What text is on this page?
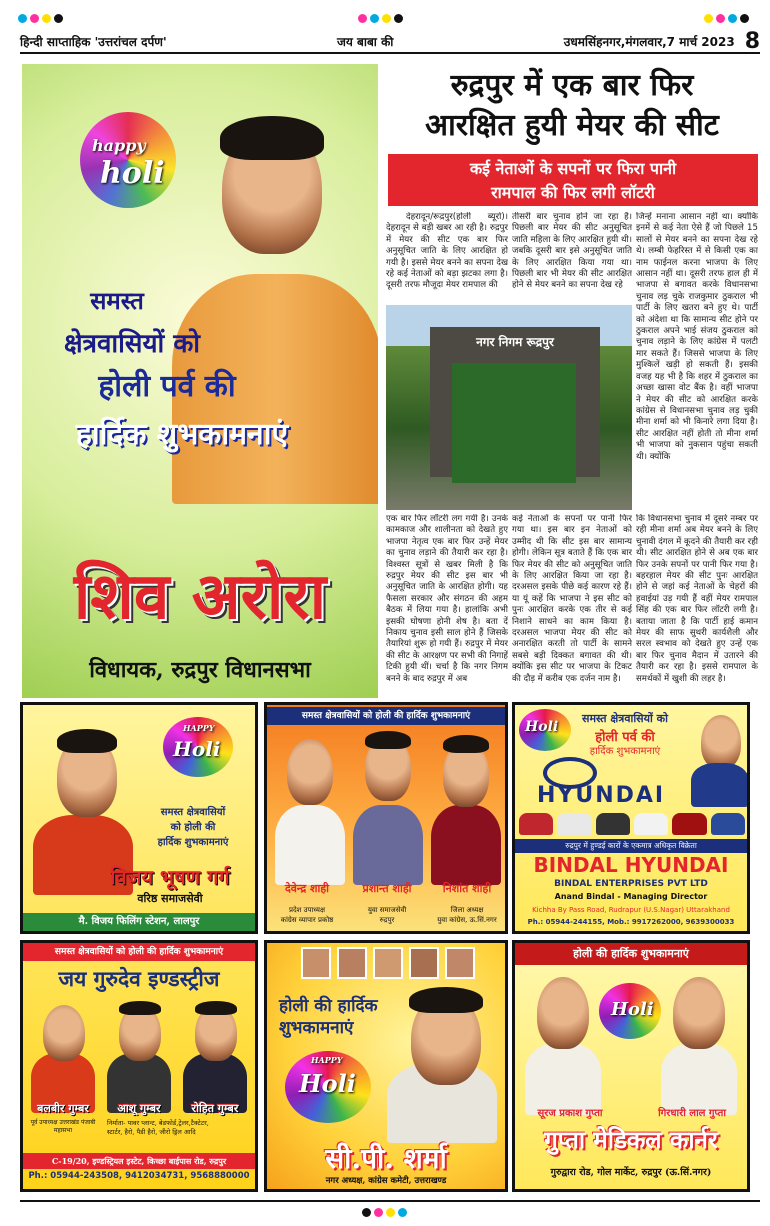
हिन्दी साप्ताहिक 'उत्तरांचल दर्पण'	जय बाबा की	उधमसिंहनगर,मंगलवार,7 मार्च 2023 8
happy
holi
समस्त
क्षेत्रवासियों को
होली पर्व की
हार्दिक शुभकामनाएं
शिव अरोरा
विधायक, रुद्रपुर विधानसभा
रुद्रपुर में एक बार फिर
आरक्षित हुयी मेयर की सीट
कई नेताओं के सपनों पर फिरा पानी
रामपाल की फिर लगी लॉटरी
देहरादून/रूद्रपुर(होली ब्यूरो)। देहरादून से बड़ी खबर आ रही है। रुद्रपुर में मेयर की सीट एक बार फिर अनुसूचित जाति के लिए आरक्षित हो गयी है। इससे मेयर बनने का सपना देख रहे कई नेताओं को बड़ा झटका लगा है। दूसरी तरफ मौजूदा मेयर रामपाल की
तीसरी बार चुनाव होने जा रहा है। पिछली बार मेयर की सीट अनुसूचित जाति महिला के लिए आरक्षित हुयी थी। जबकि दूसरी बार इसे अनुसूचित जाति के लिए आरक्षित किया गया था। पिछली बार भी मेयर की सीट आरक्षित होने से मेयर बनने का सपना देख रहे
जिन्हें मनाना आसान नहीं था। क्योंकि इनमें से कई नेता ऐसे हैं जो पिछले 15 सालों से मेयर बनने का सपना देख रहे थे। लम्बी फेहरिस्त में से किसी एक का नाम फाईनल करना भाजपा के लिए आसान नहीं था। दूसरी तरफ हाल ही में भाजपा से बगावत करके विधानसभा चुनाव लड़ चुके राजकुमार ठुकराल भी पार्टी के लिए खतरा बने हुए थे। पार्टी को अंदेशा था कि सामान्य सीट होने पर ठुकराल अपने भाई संजय ठुकराल को चुनाव लड़ाने के लिए कांग्रेस में पलटी मार सकते हैं। जिससे भाजपा के लिए मुश्किलें खड़ी हो सकती हैं। इसकी वजह यह भी है कि शहर में ठुकराल का अच्छा खासा वोट बैंक है। वहीं भाजपा ने मेयर की सीट को आरक्षित करके कांग्रेस से विधानसभा चुनाव लड़ चुकी मीना शर्मा को भी किनारे लगा दिया है। सीट आरक्षित नहीं होती तो मीना शर्मा भी भाजपा को नुकसान पहुंचा सकती थी। क्योंकि
नगर निगम रूद्रपुर
एक बार फिर लॉटरी लग गयी है। उनके कामकाज और शालीनता को देखते हुए भाजपा नेतृत्व एक बार फिर उन्हें मेयर का चुनाव लड़ाने की तैयारी कर रहा है। विश्वस्त सूत्रों से खबर मिली है कि रुद्रपुर मेयर की सीट इस बार भी अनुसूचित जाति के आरक्षित होगी। यह फैसला सरकार और संगठन की अहम बैठक में लिया गया है। हालांकि अभी इसकी घोषणा होनी शेष है। बता दें निकाय चुनाव इसी साल होने हैं जिसके तैयारियां शुरू हो गयी हैं। रुद्रपुर में मेयर की सीट के आरक्षण पर सभी की निगाहें टिकी हुयी थीं। चर्चा है कि नगर निगम बनने के बाद रुद्रपुर में अब
कई नेताओं के सपनों पर पानी फिर गया था। इस बार इन नेताओं को उम्मीद थी कि सीट इस बार सामान्य होगी। लेकिन सूत्र बताते हैं कि एक बार फिर मेयर की सीट को अनुसूचित जाति के लिए आरक्षित किया जा रहा है। दरअसल इसके पीछे कई कारण रहे हैं। या यूं कहें कि भाजपा ने इस सीट को पुनः आरक्षित करके एक तीर से कई निशाने साधने का काम किया है। दरअसल भाजपा मेयर की सीट को अनारक्षित करती तो पार्टी के सामने सबसे बड़ी दिक्कत बगावत की थी। क्योंकि इस सीट पर भाजपा के टिकट की दौड़ में करीब एक दर्जन नाम है।
कि विधानसभा चुनाव में दूसरे नम्बर पर रही मीना शर्मा अब मेयर बनने के लिए चुनावी दंगल में कूदने की तैयारी कर रही थी। सीट आरक्षित होने से अब एक बार फिर उनके सपनों पर पानी फिर गया है। बहरहाल मेयर की सीट पुनः आरक्षित होने से जहां कई नेताओं के चेहरों की हवाईयां उड़ गयी हैं वहीं मेयर रामपाल सिंह की एक बार फिर लॉटरी लगी है। बताया जाता है कि पार्टी हाई कमान मेयर की साफ सुथरी कार्यशैली और सरल स्वभाव को देखते हुए उन्हें एक बार फिर चुनाव मैदान में उतारने की तैयारी कर रहा है। इससे रामपाल के समर्थकों में खुशी की लहर है।
HAPPY
Holi
समस्त क्षेत्रवासियों
को होली की
हार्दिक शुभकामनाएं
विजय भूषण गर्ग
वरिष्ठ समाजसेवी
मै. विजय फिलिंग स्टेशन, लालपुर
समस्त क्षेत्रवासियों को होली की हार्दिक शुभकामनाएं
देवेन्द्र शाही	प्रशान्त शाही	निशांत शाही
प्रदेश उपाध्यक्ष
कांग्रेस व्यापार प्रकोष्ठ
युवा समाजसेवी
रुद्रपुर
जिला अध्यक्ष
युवा कांग्रेस, ऊ.सिं.नगर
Holi
समस्त क्षेत्रवासियों को
होली पर्व की
हार्दिक शुभकामनाएं
HYUNDAI
रुद्रपुर में हुण्डई कारों के एकमात्र अधिकृत विक्रेता
BINDAL HYUNDAI
BINDAL ENTERPRISES PVT LTD
Anand Bindal - Managing Director
Kichha By Pass Road, Rudrapur (U.S.Nagar) Uttarakhand
Ph.: 05944-244155, Mob.: 9917262000, 9639300033
समस्त क्षेत्रवासियों को होली की हार्दिक शुभकामनाएं
जय गुरुदेव इण्डस्ट्रीज
बलबीर गुम्बर	आशू गुम्बर	रोहित गुम्बर
पूर्व उपाध्यक्ष उत्तराखंड पंजाबी महासभा
निर्माता- पावर प्लान्ट, बेडफोर्ड,ट्रेलर,टैक्टेटर,
स्टार्टर, हैरो, पैडी हैरो, जीरो ड्रिल आदि
C-19/20, इण्डस्ट्रियल इस्टेट, किच्छा बाईपास रोड, रुद्रपुर
Ph.: 05944-243508, 9412034731, 9568880000
होली की हार्दिक
शुभकामनाएं
HAPPY
Holi
सी.पी. शर्मा
नगर अध्यक्ष, कांग्रेस कमेटी, उत्तराखण्ड
होली की हार्दिक शुभकामनाएं
Holi
सूरज प्रकाश गुप्ता	गिरधारी लाल गुप्ता
गुप्ता मेडिकल कार्नर
गुरुद्वारा रोड, गोल मार्केट, रुद्रपुर (ऊ.सिं.नगर)
